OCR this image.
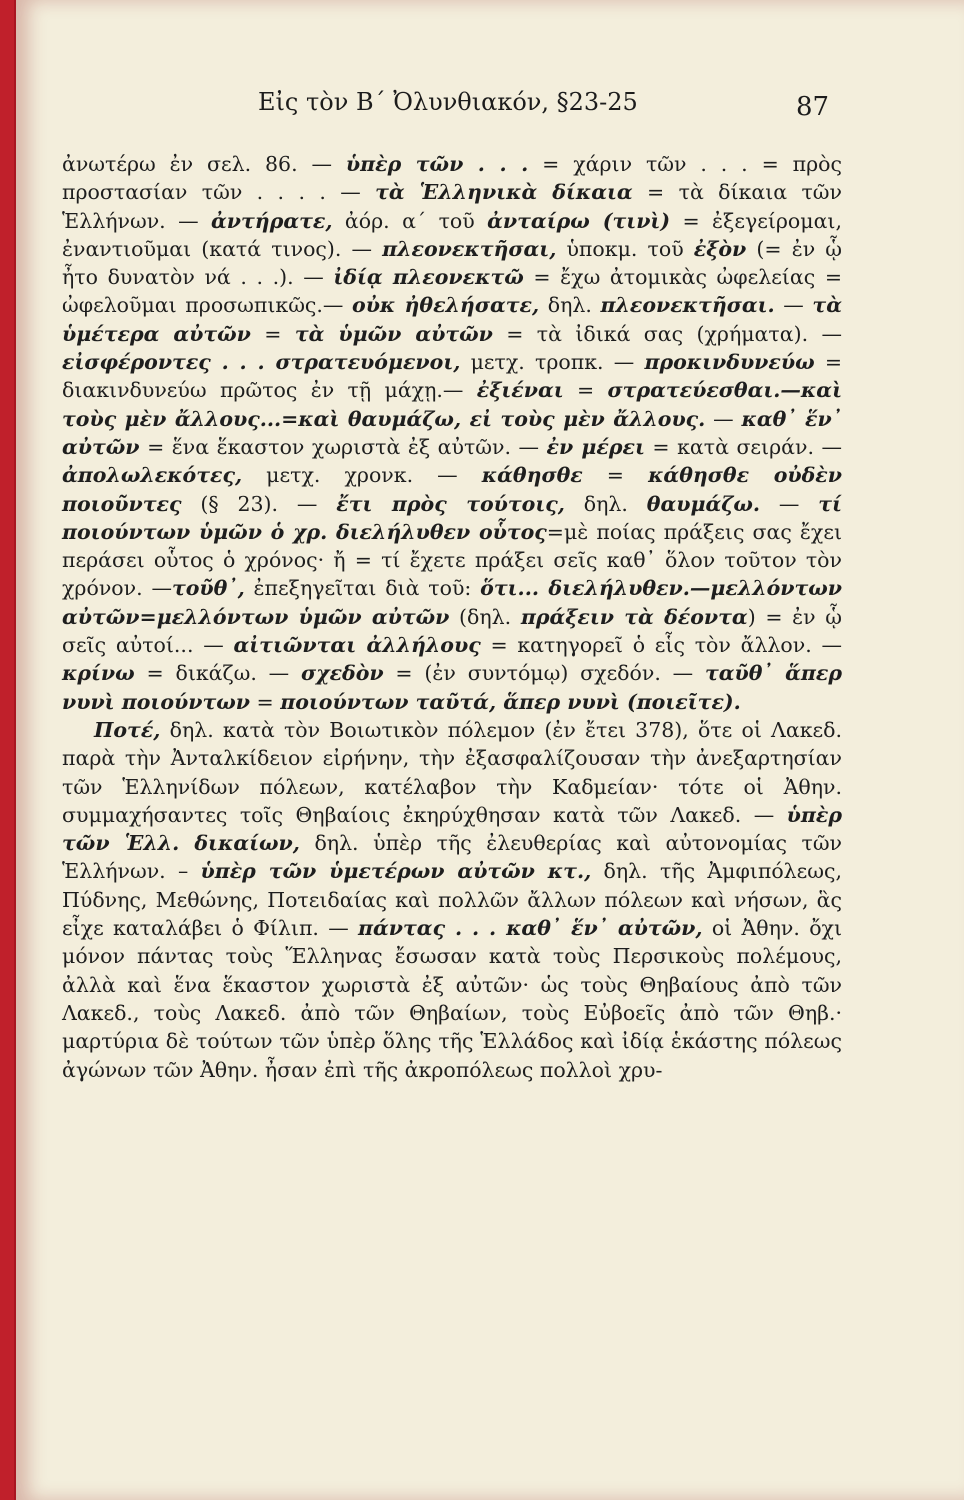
Εἰς τὸν Β΄ Ὀλυνθιακόν, §23-25	87

ἀνωτέρω ἐν σελ. 86. — ὑπὲρ τῶν . . . = χάριν τῶν . . . = πρὸς προστασίαν τῶν . . . . — τὰ Ἑλληνικὰ δίκαια = τὰ δίκαια τῶν Ἑλλήνων. — ἀντήρατε, ἀόρ. α΄ τοῦ ἀνταίρω (τινὶ) = ἐξεγείρομαι, ἐναντιοῦμαι (κατά τινος). — πλεονεκτῆσαι, ὑποκμ. τοῦ ἐξὸν (= ἐν ᾧ ἦτο δυνατὸν νά . . .). — ἰδίᾳ πλεονεκτῶ = ἔχω ἀτομικὰς ὠφελείας = ὠφελοῦμαι προσωπικῶς.— οὐκ ἠθελήσατε, δηλ. πλεονεκτῆσαι. — τὰ ὑμέτερα αὐτῶν = τὰ ὑμῶν αὐτῶν = τὰ ἰδικά σας (χρήματα). — εἰσφέροντες . . . στρατευόμενοι, μετχ. τροπκ. — προκινδυνεύω = διακινδυνεύω πρῶτος ἐν τῇ μάχῃ.— ἐξιέναι = στρατεύεσθαι.—καὶ τοὺς μὲν ἄλλους...=καὶ θαυμάζω, εἰ τοὺς μὲν ἄλλους. — καθ᾽ ἕν᾽ αὐτῶν = ἕνα ἕκαστον χωριστὰ ἐξ αὐτῶν. — ἐν μέρει = κατὰ σειράν. — ἀπολωλεκότες, μετχ. χρονκ. — κάθησθε = κάθησθε οὐδὲν ποιοῦντες (§ 23). — ἔτι πρὸς τούτοις, δηλ. θαυμάζω. — τί ποιούντων ὑμῶν ὁ χρ. διελήλυθεν οὗτος=μὲ ποίας πράξεις σας ἔχει περάσει οὗτος ὁ χρόνος· ἤ = τί ἔχετε πράξει σεῖς καθ᾽ ὅλον τοῦτον τὸν χρόνον. —τοῦθ᾽, ἐπεξηγεῖται διὰ τοῦ: ὅτι... διελήλυθεν.—μελλόντων αὐτῶν=μελλόντων ὑμῶν αὐτῶν (δηλ. πράξειν τὰ δέοντα) = ἐν ᾧ σεῖς αὐτοί... — αἰτιῶνται ἀλλήλους = κατηγορεῖ ὁ εἷς τὸν ἄλλον. — κρίνω = δικάζω. — σχεδὸν = (ἐν συντόμῳ) σχεδόν. — ταῦθ᾽ ἅπερ νυνὶ ποιούντων = ποιούντων ταῦτά, ἅπερ νυνὶ (ποιεῖτε).

Ποτέ, δηλ. κατὰ τὸν Βοιωτικὸν πόλεμον (ἐν ἔτει 378), ὅτε οἱ Λακεδ. παρὰ τὴν Ἀνταλκίδειον εἰρήνην, τὴν ἐξασφαλίζουσαν τὴν ἀνεξαρτησίαν τῶν Ἑλληνίδων πόλεων, κατέλαβον τὴν Καδμείαν· τότε οἱ Ἀθην. συμμαχήσαντες τοῖς Θηβαίοις ἐκηρύχθησαν κατὰ τῶν Λακεδ. — ὑπὲρ τῶν Ἑλλ. δικαίων, δηλ. ὑπὲρ τῆς ἐλευθερίας καὶ αὐτονομίας τῶν Ἑλλήνων. – ὑπὲρ τῶν ὑμετέρων αὐτῶν κτ., δηλ. τῆς Ἀμφιπόλεως, Πύδνης, Μεθώνης, Ποτειδαίας καὶ πολλῶν ἄλλων πόλεων καὶ νήσων, ἃς εἶχε καταλάβει ὁ Φίλιπ. — πάντας . . . καθ᾽ ἕν᾽ αὐτῶν, οἱ Ἀθην. ὄχι μόνον πάντας τοὺς Ἕλληνας ἔσωσαν κατὰ τοὺς Περσικοὺς πολέμους, ἀλλὰ καὶ ἕνα ἕκαστον χωριστὰ ἐξ αὐτῶν· ὡς τοὺς Θηβαίους ἀπὸ τῶν Λακεδ., τοὺς Λακεδ. ἀπὸ τῶν Θηβαίων, τοὺς Εὐβοεῖς ἀπὸ τῶν Θηβ.· μαρτύρια δὲ τούτων τῶν ὑπὲρ ὅλης τῆς Ἑλλάδος καὶ ἰδίᾳ ἑκάστης πόλεως ἀγώνων τῶν Ἀθην. ἦσαν ἐπὶ τῆς ἀκροπόλεως πολλοὶ χρυ-
